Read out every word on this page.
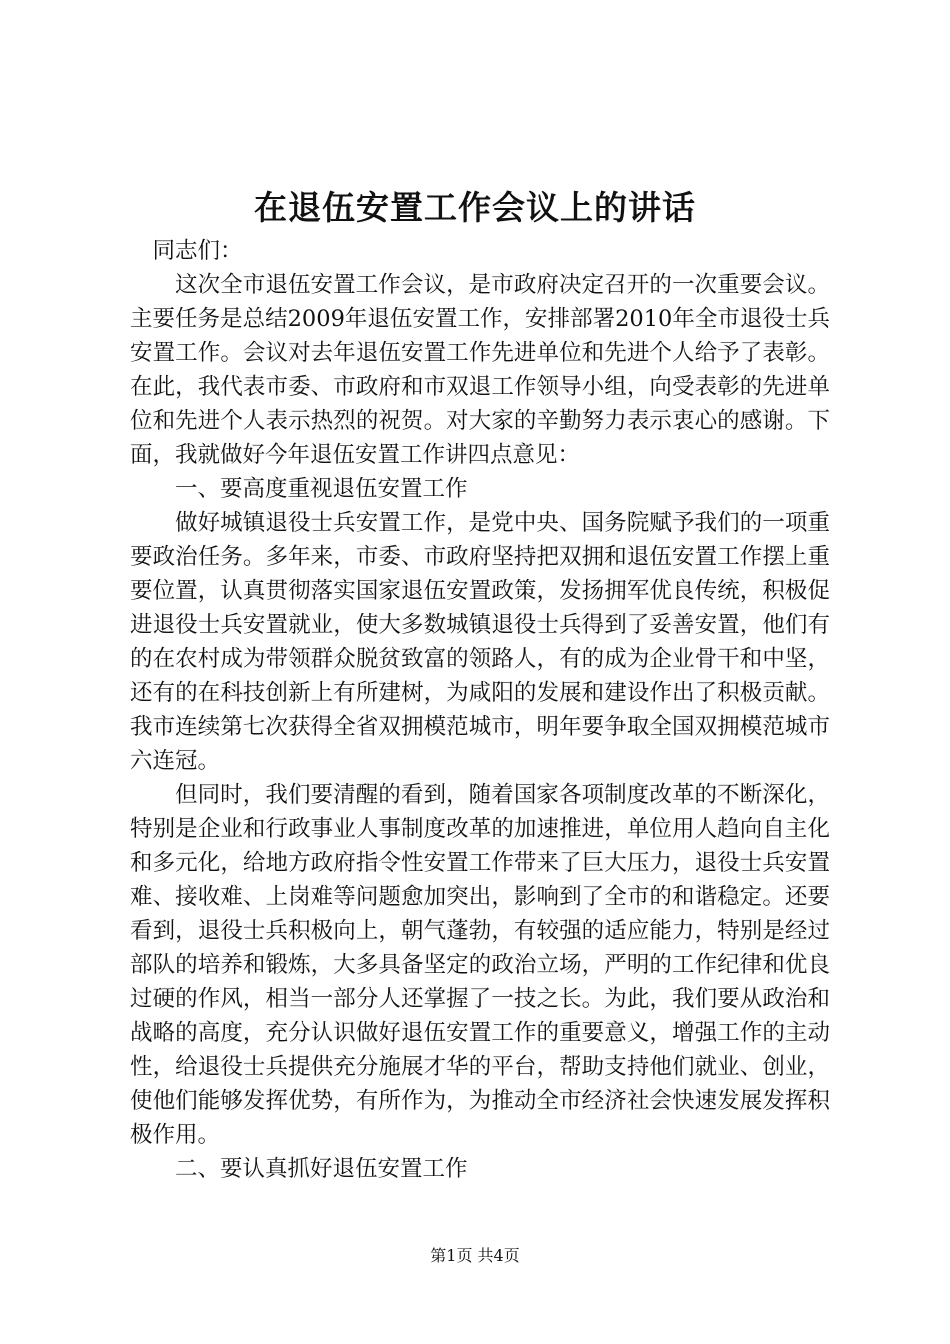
在退伍安置工作会议上的讲话

同志们：

这次全市退伍安置工作会议，是市政府决定召开的一次重要会议。主要任务是总结2009年退伍安置工作，安排部署2010年全市退役士兵安置工作。会议对去年退伍安置工作先进单位和先进个人给予了表彰。在此，我代表市委、市政府和市双退工作领导小组，向受表彰的先进单位和先进个人表示热烈的祝贺。对大家的辛勤努力表示衷心的感谢。下面，我就做好今年退伍安置工作讲四点意见：

一、要高度重视退伍安置工作

做好城镇退役士兵安置工作，是党中央、国务院赋予我们的一项重要政治任务。多年来，市委、市政府坚持把双拥和退伍安置工作摆上重要位置，认真贯彻落实国家退伍安置政策，发扬拥军优良传统，积极促进退役士兵安置就业，使大多数城镇退役士兵得到了妥善安置，他们有的在农村成为带领群众脱贫致富的领路人，有的成为企业骨干和中坚，还有的在科技创新上有所建树，为咸阳的发展和建设作出了积极贡献。我市连续第七次获得全省双拥模范城市，明年要争取全国双拥模范城市六连冠。

但同时，我们要清醒的看到，随着国家各项制度改革的不断深化，特别是企业和行政事业人事制度改革的加速推进，单位用人趋向自主化和多元化，给地方政府指令性安置工作带来了巨大压力，退役士兵安置难、接收难、上岗难等问题愈加突出，影响到了全市的和谐稳定。还要看到，退役士兵积极向上，朝气蓬勃，有较强的适应能力，特别是经过部队的培养和锻炼，大多具备坚定的政治立场，严明的工作纪律和优良过硬的作风，相当一部分人还掌握了一技之长。为此，我们要从政治和战略的高度，充分认识做好退伍安置工作的重要意义，增强工作的主动性，给退役士兵提供充分施展才华的平台，帮助支持他们就业、创业，使他们能够发挥优势，有所作为，为推动全市经济社会快速发展发挥积极作用。

二、要认真抓好退伍安置工作

第1页 共4页
